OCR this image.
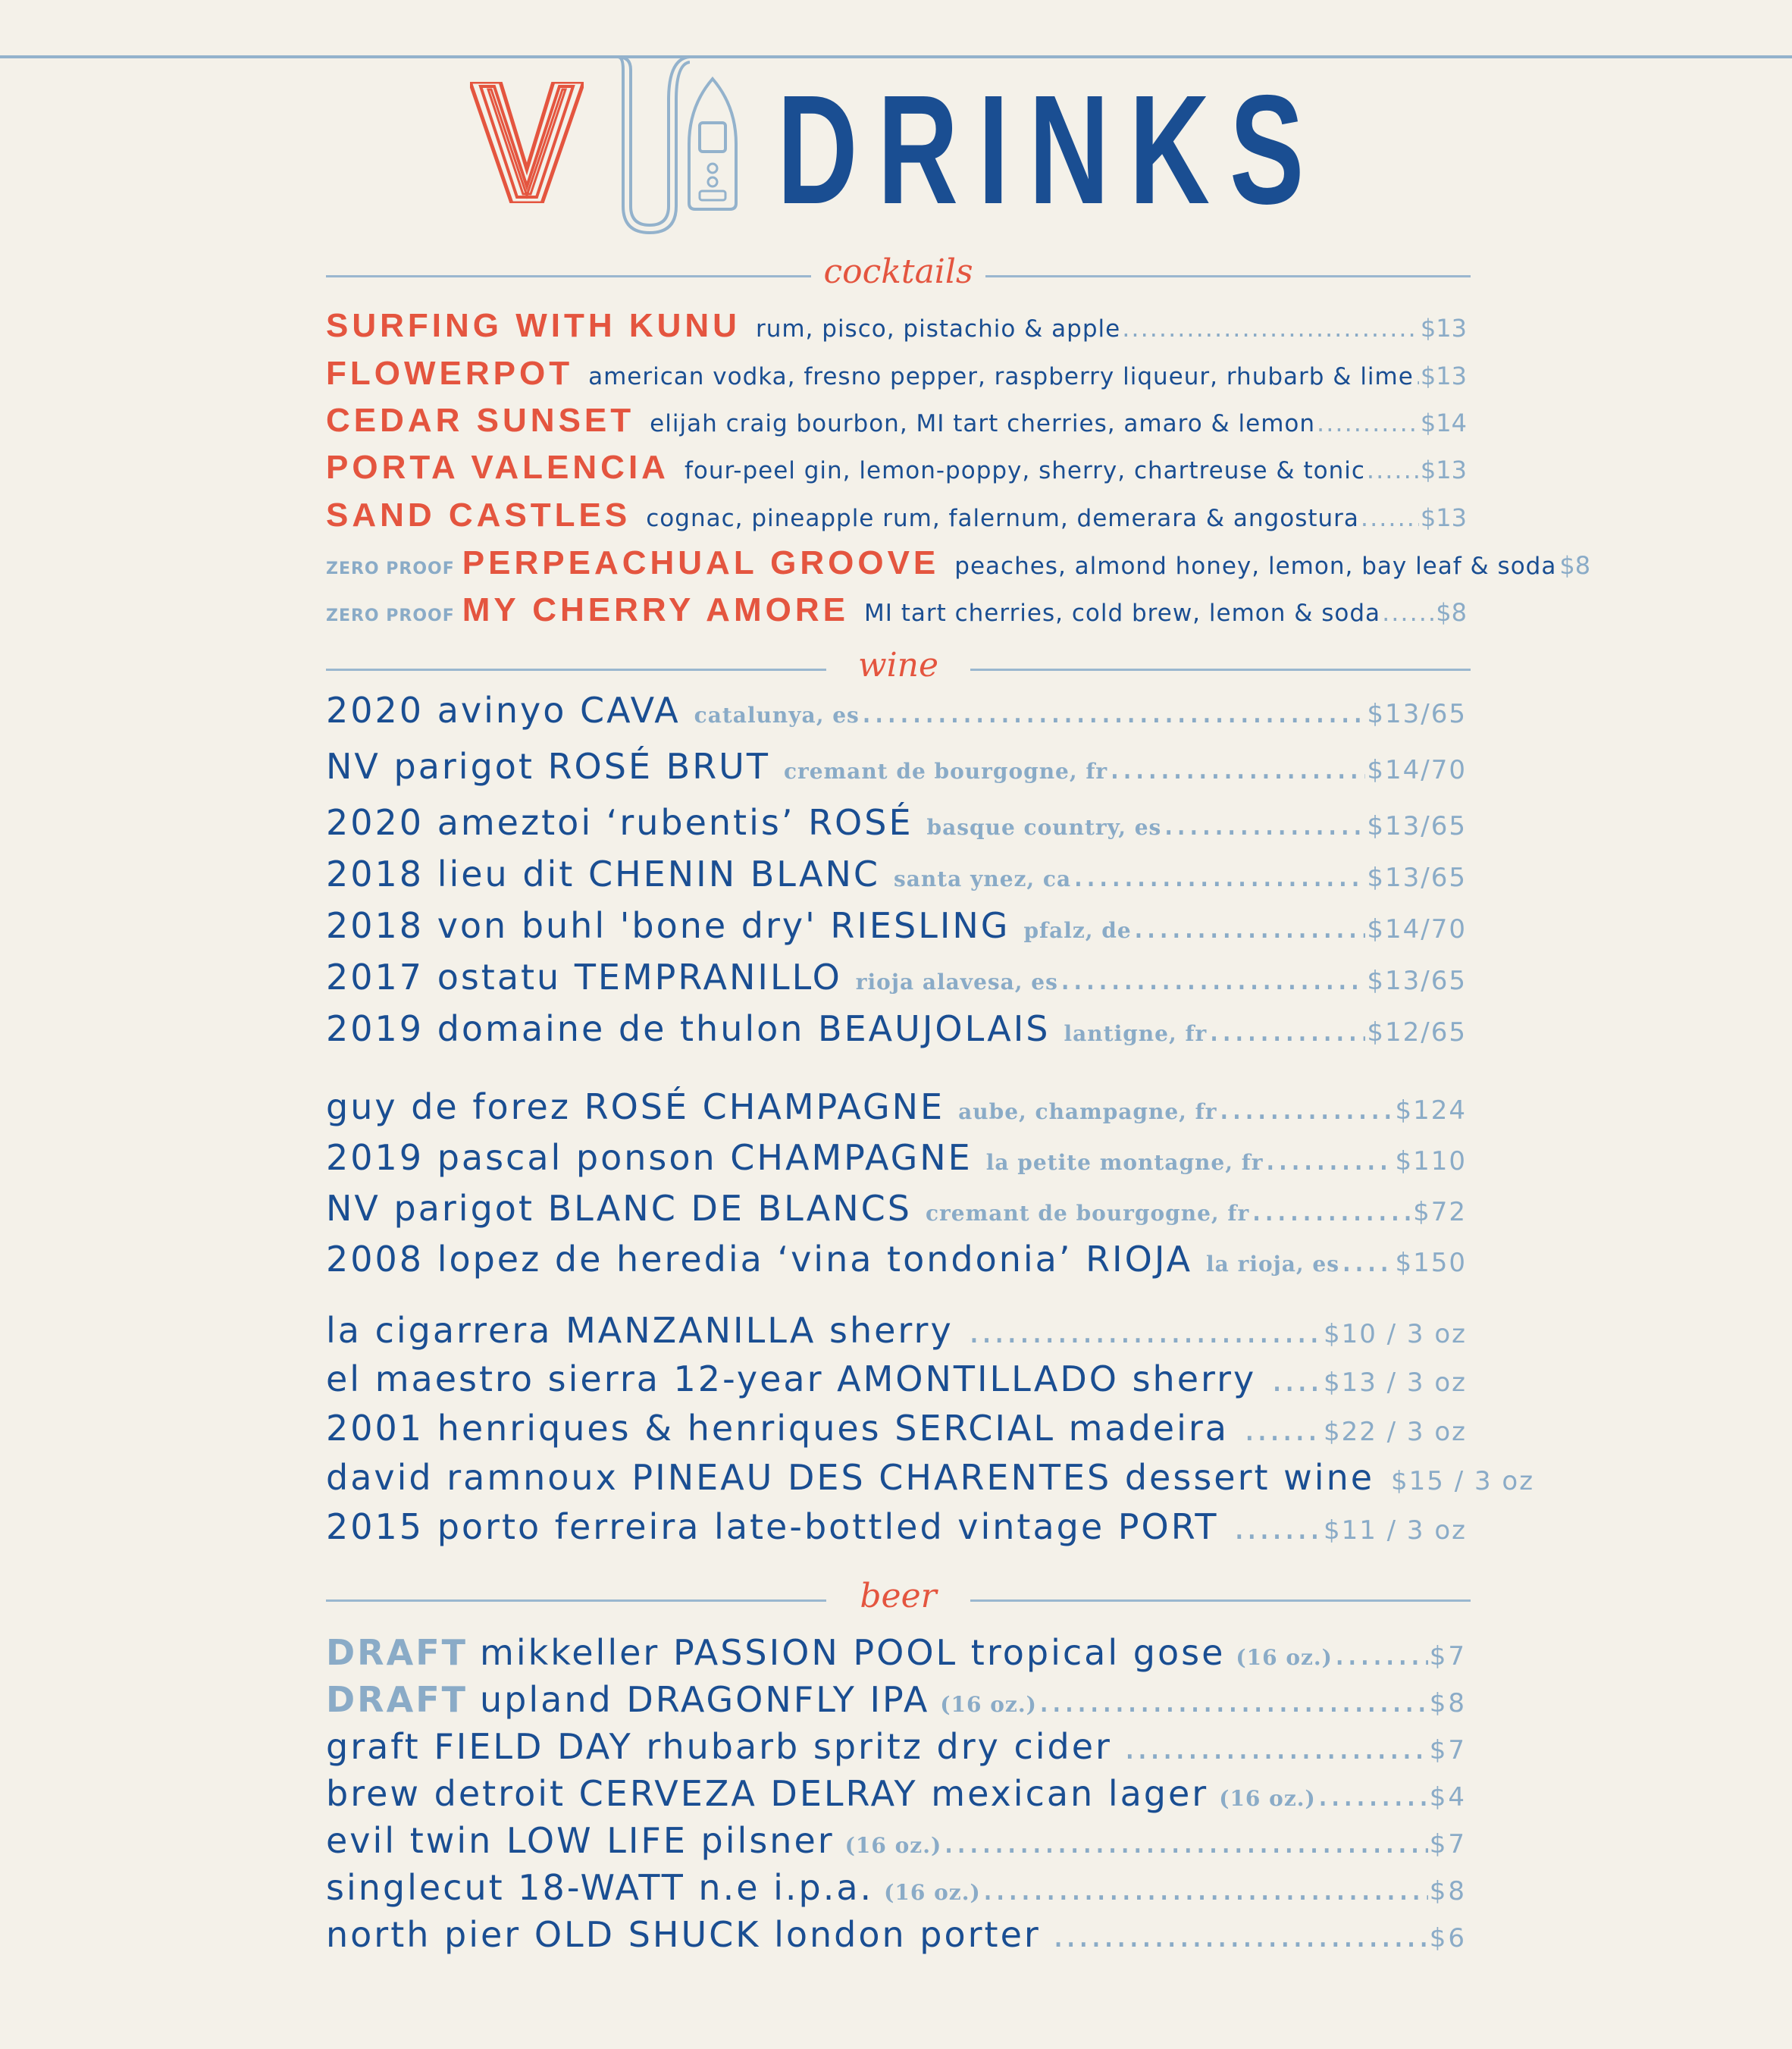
DRINKS
cocktails
SURFING WITH KUNU rum, pisco, pistachio & apple .....	$13
FLOWERPOT american vodka, fresno pepper, raspberry liqueur, rhubarb & lime ..... $13
CEDAR SUNSET elijah craig bourbon, MI tart cherries, amaro & lemon .....	$14
PORTA VALENCIA four-peel gin, lemon-poppy, sherry, chartreuse & tonic ..... $13
SAND CASTLES cognac, pineapple rum, falernum, demerara & angostura .....	$13
ZERO PROOF PERPEACHUAL GROOVE peaches, almond honey, lemon, bay leaf & soda $8
ZERO PROOF MY CHERRY AMORE MI tart cherries, cold brew, lemon & soda ..... $8
wine
2020 avinyo CAVA catalunya, es .....	$13/65
NV parigot ROSÉ BRUT cremant de bourgogne, fr .....	$14/70
2020 ameztoi ‘rubentis’ ROSÉ basque country, es .....	$13/65
2018 lieu dit CHENIN BLANC santa ynez, ca .....	$13/65
2018 von buhl 'bone dry' RIESLING pfalz, de .....	$14/70
2017 ostatu TEMPRANILLO rioja alavesa, es .....	$13/65
2019 domaine de thulon BEAUJOLAIS lantigne, fr .....	$12/65
guy de forez ROSÉ CHAMPAGNE aube, champagne, fr .....	$124
2019 pascal ponson CHAMPAGNE la petite montagne, fr .....	$110
NV parigot BLANC DE BLANCS cremant de bourgogne, fr .....	$72
2008 lopez de heredia ‘vina tondonia’ RIOJA la rioja, es ..... $150
la cigarrera MANZANILLA sherry .....	$10 / 3 oz
el maestro sierra 12-year AMONTILLADO sherry .....	$13 / 3 oz
2001 henriques & henriques SERCIAL madeira .....	$22 / 3 oz
david ramnoux PINEAU DES CHARENTES dessert wine $15 / 3 oz
2015 porto ferreira late-bottled vintage PORT .....	$11 / 3 oz
beer
DRAFT mikkeller PASSION POOL tropical gose (16 oz.) .....	$7
DRAFT upland DRAGONFLY IPA (16 oz.) .....	$8
graft FIELD DAY rhubarb spritz dry cider .....	$7
brew detroit CERVEZA DELRAY mexican lager (16 oz.) .....	$4
evil twin LOW LIFE pilsner (16 oz.) .....	$7
singlecut 18-WATT n.e i.p.a. (16 oz.) .....	$8
north pier OLD SHUCK london porter .....	$6
